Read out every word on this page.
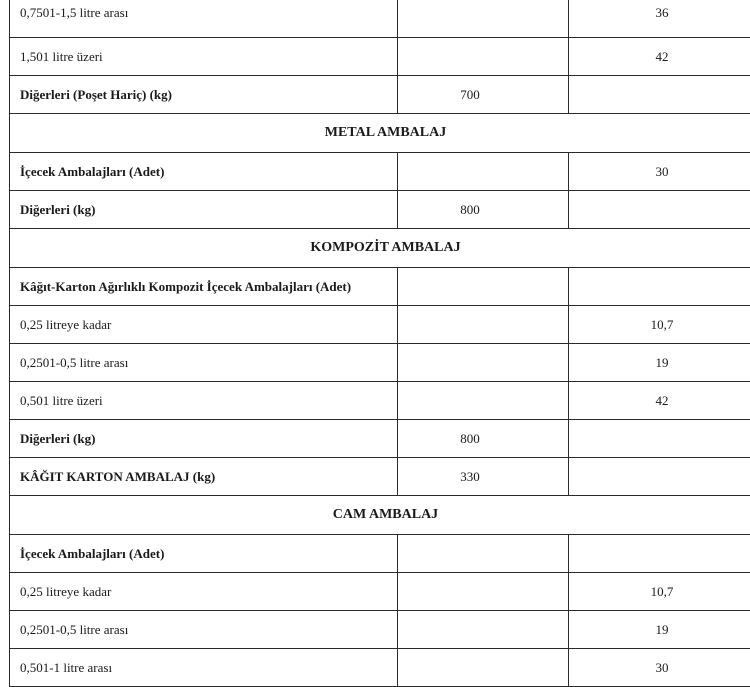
0,7501-1,5 litre arası		36
1,501 litre üzeri		42
Diğerleri (Poşet Hariç) (kg)	700	
METAL AMBALAJ		
İçecek Ambalajları (Adet)		30
Diğerleri (kg)	800	
KOMPOZİT AMBALAJ		
Kâğıt-Karton Ağırlıklı Kompozit İçecek Ambalajları (Adet)		
0,25 litreye kadar		10,7
0,2501-0,5 litre arası		19
0,501 litre üzeri		42
Diğerleri (kg)	800	
KÂĞIT KARTON AMBALAJ (kg)	330	
CAM AMBALAJ		
İçecek Ambalajları (Adet)		
0,25 litreye kadar		10,7
0,2501-0,5 litre arası		19
0,501-1 litre arası		30
